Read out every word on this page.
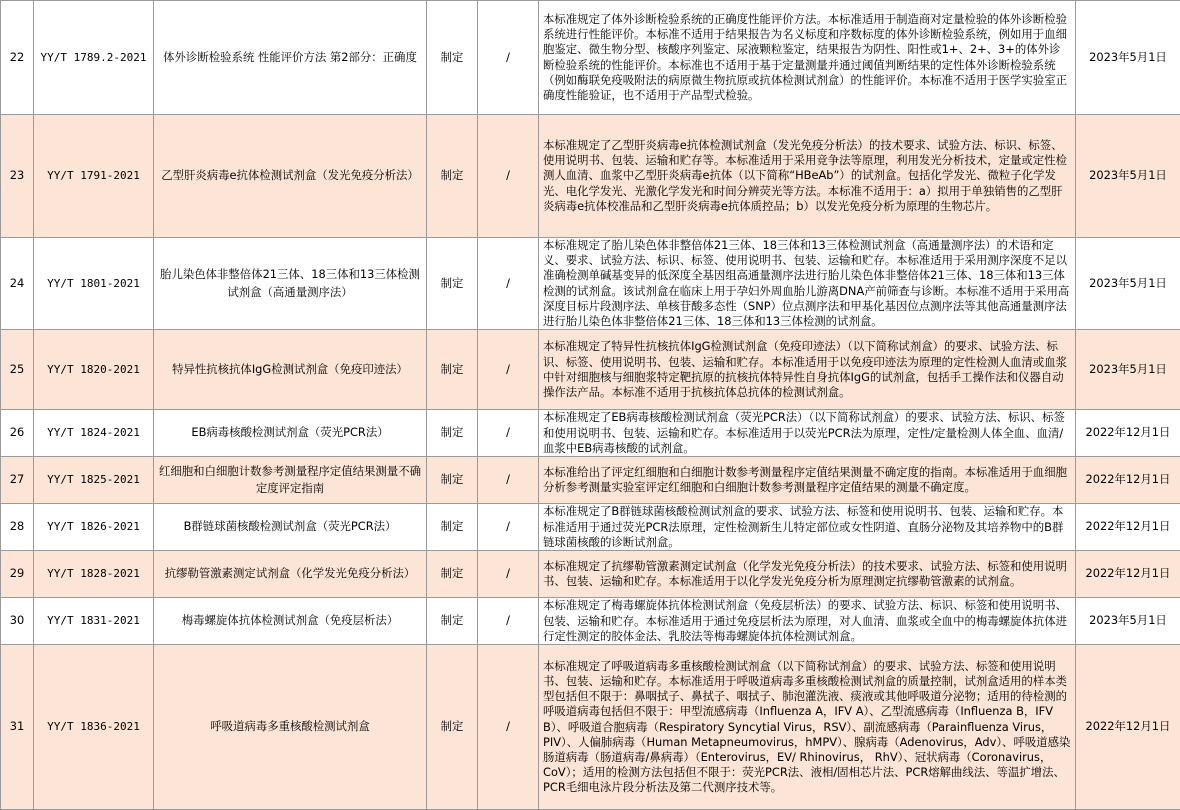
22	YY/T 1789.2-2021	体外诊断检验系统 性能评价方法 第2部分：正确度	制定	/	本标准规定了体外诊断检验系统的正确度性能评价方法。本标准适用于制造商对定量检验的体外诊断检验系统进行性能评价。本标准不适用于结果报告为名义标度和序数标度的体外诊断检验系统，例如用于血细胞鉴定、微生物分型、核酸序列鉴定、尿液颗粒鉴定，结果报告为阴性、阳性或1+、2+、3+的体外诊断检验系统的性能评价。本标准也不适用于基于定量测量并通过阈值判断结果的定性体外诊断检验系统（例如酶联免疫吸附法的病原微生物抗原或抗体检测试剂盒）的性能评价。本标准不适用于医学实验室正确度性能验证，也不适用于产品型式检验。	2023年5月1日
23	YY/T 1791-2021	乙型肝炎病毒e抗体检测试剂盒（发光免疫分析法）	制定	/	本标准规定了乙型肝炎病毒e抗体检测试剂盒（发光免疫分析法）的技术要求、试验方法、标识、标签、使用说明书、包装、运输和贮存等。本标准适用于采用竞争法等原理，利用发光分析技术，定量或定性检测人血清、血浆中乙型肝炎病毒e抗体（以下简称“HBeAb”）的试剂盒。包括化学发光、微粒子化学发光、电化学发光、光激化学发光和时间分辨荧光等方法。本标准不适用于：a）拟用于单独销售的乙型肝炎病毒e抗体校准品和乙型肝炎病毒e抗体质控品；b）以发光免疫分析为原理的生物芯片。	2023年5月1日
24	YY/T 1801-2021	胎儿染色体非整倍体21三体、18三体和13三体检测试剂盒（高通量测序法）	制定	/	本标准规定了胎儿染色体非整倍体21三体、18三体和13三体检测试剂盒（高通量测序法）的术语和定义、要求、试验方法、标识、标签、使用说明书、包装、运输和贮存。本标准适用于采用测序深度不足以准确检测单碱基变异的低深度全基因组高通量测序法进行胎儿染色体非整倍体21三体、18三体和13三体检测的试剂盒。该试剂盒在临床上用于孕妇外周血胎儿游离DNA产前筛查与诊断。本标准不适用于采用高深度目标片段测序法、单核苷酸多态性（SNP）位点测序法和甲基化基因位点测序法等其他高通量测序法进行胎儿染色体非整倍体21三体、18三体和13三体检测的试剂盒。	2023年5月1日
25	YY/T 1820-2021	特异性抗核抗体IgG检测试剂盒（免疫印迹法）	制定	/	本标准规定了特异性抗核抗体IgG检测试剂盒（免疫印迹法）（以下简称试剂盒）的要求、试验方法、标识、标签、使用说明书、包装、运输和贮存。本标准适用于以免疫印迹法为原理的定性检测人血清或血浆中针对细胞核与细胞浆特定靶抗原的抗核抗体特异性自身抗体IgG的试剂盒，包括手工操作法和仪器自动操作法产品。本标准不适用于抗核抗体总抗体的检测试剂盒。	2023年5月1日
26	YY/T 1824-2021	EB病毒核酸检测试剂盒（荧光PCR法）	制定	/	本标准规定了EB病毒核酸检测试剂盒（荧光PCR法）（以下简称试剂盒）的要求、试验方法、标识、标签和使用说明书、包装、运输和贮存。本标准适用于以荧光PCR法为原理，定性/定量检测人体全血、血清/血浆中EB病毒核酸的试剂盒。	2022年12月1日
27	YY/T 1825-2021	红细胞和白细胞计数参考测量程序定值结果测量不确定度评定指南	制定	/	本标准给出了评定红细胞和白细胞计数参考测量程序定值结果测量不确定度的指南。本标准适用于血细胞分析参考测量实验室评定红细胞和白细胞计数参考测量程序定值结果的测量不确定度。	2022年12月1日
28	YY/T 1826-2021	B群链球菌核酸检测试剂盒（荧光PCR法）	制定	/	本标准规定了B群链球菌核酸检测试剂盒的要求、试验方法、标签和使用说明书、包装、运输和贮存。本标准适用于通过荧光PCR法原理，定性检测新生儿特定部位或女性阴道、直肠分泌物及其培养物中的B群链球菌核酸的诊断试剂盒。	2022年12月1日
29	YY/T 1828-2021	抗缪勒管激素测定试剂盒（化学发光免疫分析法）	制定	/	本标准规定了抗缪勒管激素测定试剂盒（化学发光免疫分析法）的技术要求、试验方法、标签和使用说明书、包装、运输和贮存。本标准适用于以化学发光免疫分析为原理测定抗缪勒管激素的试剂盒。	2022年12月1日
30	YY/T 1831-2021	梅毒螺旋体抗体检测试剂盒（免疫层析法）	制定	/	本标准规定了梅毒螺旋体抗体检测试剂盒（免疫层析法）的要求、试验方法、标识、标签和使用说明书、包装、运输和贮存。本标准适用于通过免疫层析法为原理，对人血清、血浆或全血中的梅毒螺旋体抗体进行定性测定的胶体金法、乳胶法等梅毒螺旋体抗体检测试剂盒。	2023年5月1日
31	YY/T 1836-2021	呼吸道病毒多重核酸检测试剂盒	制定	/	本标准规定了呼吸道病毒多重核酸检测试剂盒（以下简称试剂盒）的要求、试验方法、标签和使用说明书、包装、运输和贮存。本标准适用于呼吸道病毒多重核酸检测试剂盒的质量控制，试剂盒适用的样本类型包括但不限于：鼻咽拭子、鼻拭子、咽拭子、肺泡灌洗液、痰液或其他呼吸道分泌物；适用的待检测的呼吸道病毒包括但不限于：甲型流感病毒（Influenza A，IFV A）、乙型流感病毒（Influenza B，IFV B）、呼吸道合胞病毒（Respiratory Syncytial Virus，RSV）、副流感病毒（Parainfluenza Virus，PIV）、人偏肺病毒（Human Metapneumovirus，hMPV）、腺病毒（Adenovirus，Adv）、呼吸道感染肠道病毒（肠道病毒/鼻病毒）（Enterovirus，EV/ Rhinovirus， RhV）、冠状病毒（Coronavirus，CoV）；适用的检测方法包括但不限于：荧光PCR法、液相/固相芯片法、PCR熔解曲线法、等温扩增法、PCR毛细电泳片段分析法及第二代测序技术等。	2022年12月1日
